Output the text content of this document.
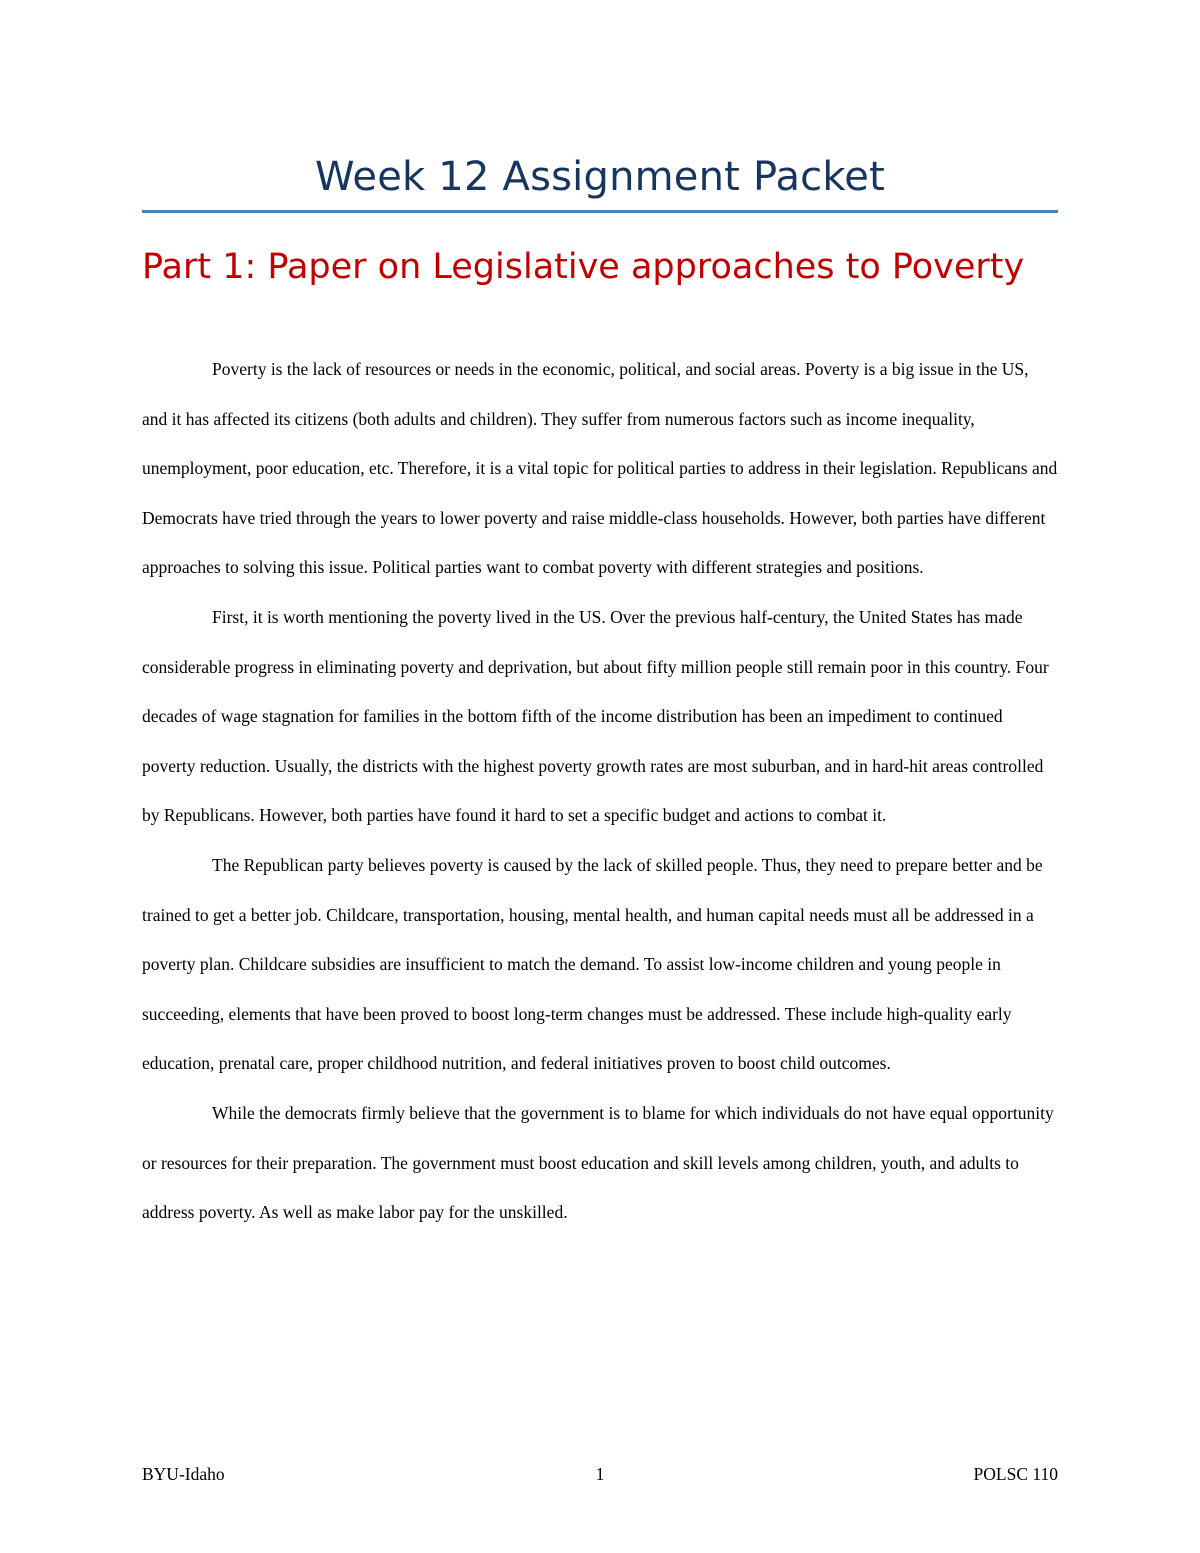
Week 12 Assignment Packet
Part 1: Paper on Legislative approaches to Poverty

Poverty is the lack of resources or needs in the economic, political, and social areas. Poverty is a big issue in the US, and it has affected its citizens (both adults and children). They suffer from numerous factors such as income inequality, unemployment, poor education, etc. Therefore, it is a vital topic for political parties to address in their legislation. Republicans and Democrats have tried through the years to lower poverty and raise middle-class households. However, both parties have different approaches to solving this issue. Political parties want to combat poverty with different strategies and positions.

First, it is worth mentioning the poverty lived in the US. Over the previous half-century, the United States has made considerable progress in eliminating poverty and deprivation, but about fifty million people still remain poor in this country. Four decades of wage stagnation for families in the bottom fifth of the income distribution has been an impediment to continued poverty reduction. Usually, the districts with the highest poverty growth rates are most suburban, and in hard-hit areas controlled by Republicans. However, both parties have found it hard to set a specific budget and actions to combat it.

The Republican party believes poverty is caused by the lack of skilled people. Thus, they need to prepare better and be trained to get a better job. Childcare, transportation, housing, mental health, and human capital needs must all be addressed in a poverty plan. Childcare subsidies are insufficient to match the demand. To assist low-income children and young people in succeeding, elements that have been proved to boost long-term changes must be addressed. These include high-quality early education, prenatal care, proper childhood nutrition, and federal initiatives proven to boost child outcomes.

While the democrats firmly believe that the government is to blame for which individuals do not have equal opportunity or resources for their preparation. The government must boost education and skill levels among children, youth, and adults to address poverty. As well as make labor pay for the unskilled.

BYU-Idaho	1	POLSC 110
